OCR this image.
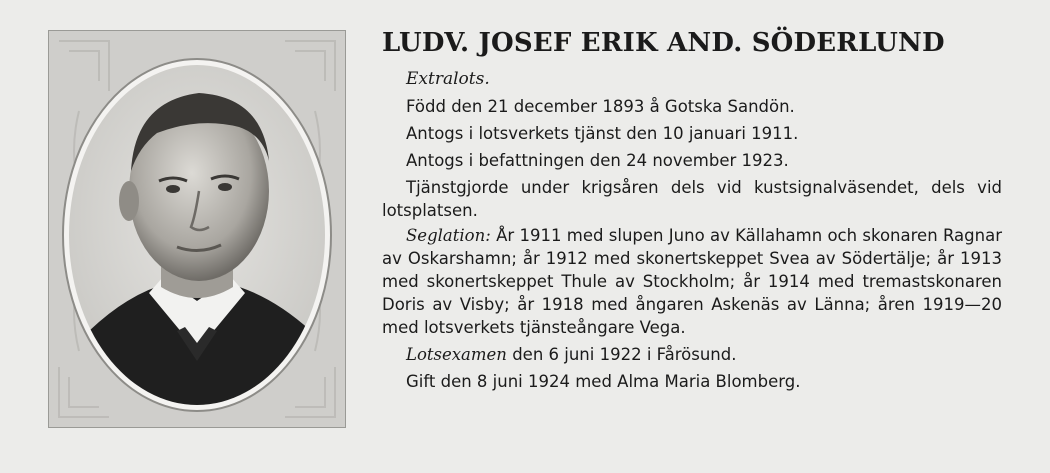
LUDV. JOSEF ERIK AND. SÖDERLUND
Extralots.

Född den 21 december 1893 å Gotska Sandön.

Antogs i lotsverkets tjänst den 10 januari 1911.

Antogs i befattningen den 24 november 1923.

Tjänstgjorde under krigsåren dels vid kustsignalväsendet, dels vid lotsplatsen.

Seglation: År 1911 med slupen Juno av Källahamn och skonaren Ragnar av Oskarshamn; år 1912 med skonertskeppet Svea av Södertälje; år 1913 med skonertskeppet Thule av Stockholm; år 1914 med tremastskonaren Doris av Visby; år 1918 med ångaren Askenäs av Länna; åren 1919—20 med lotsverkets tjänsteångare Vega.

Lotsexamen den 6 juni 1922 i Fårösund.

Gift den 8 juni 1924 med Alma Maria Blomberg.
